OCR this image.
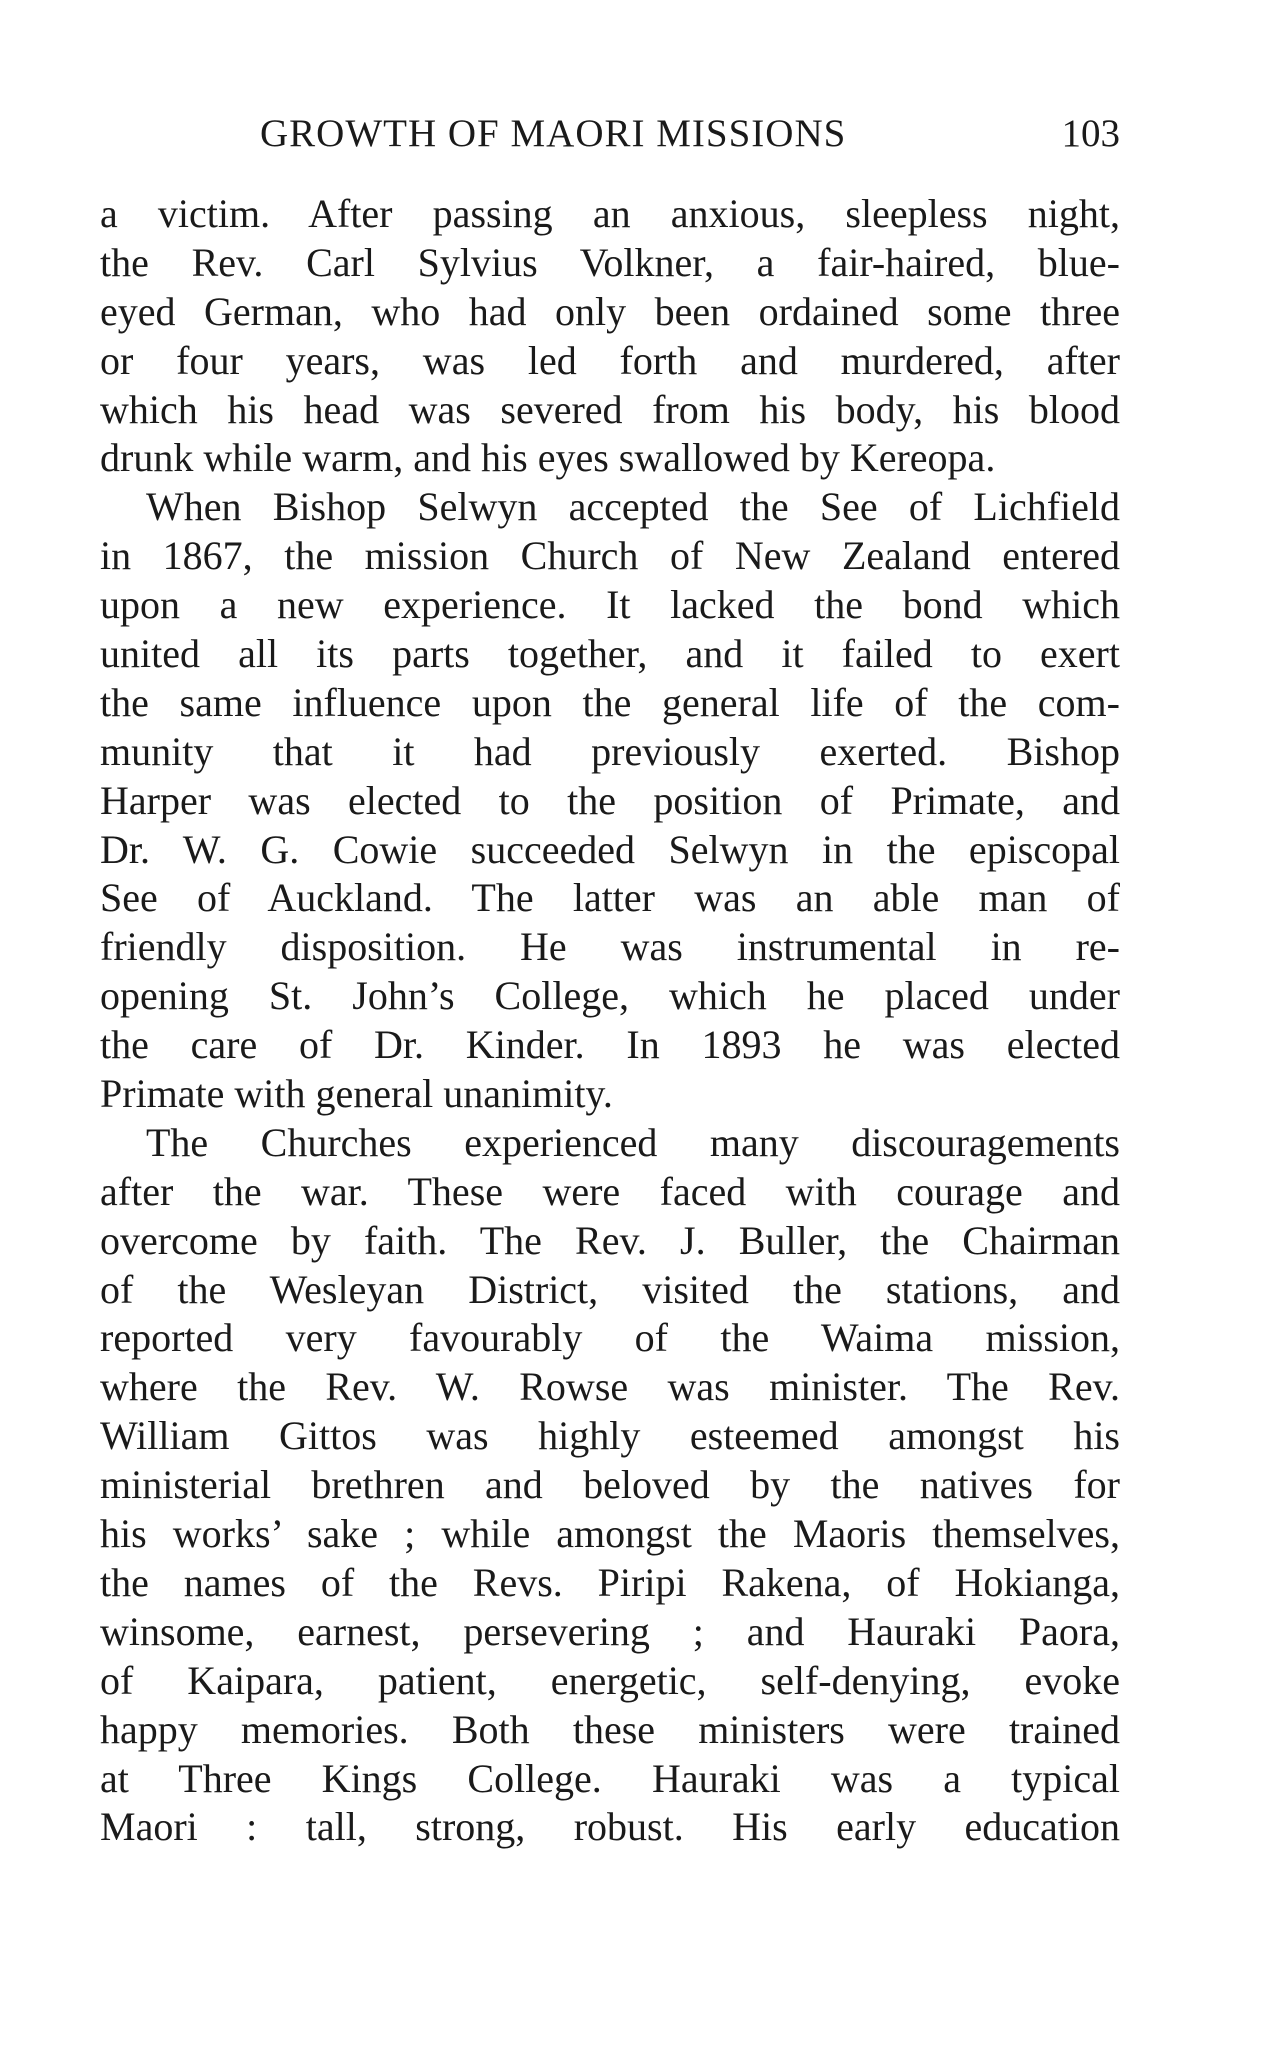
GROWTH OF MAORI MISSIONS	103
a victim. After passing an anxious, sleepless night,
the Rev. Carl Sylvius Volkner, a fair-haired, blue-
eyed German, who had only been ordained some three
or four years, was led forth and murdered, after
which his head was severed from his body, his blood
drunk while warm, and his eyes swallowed by Kereopa.
When Bishop Selwyn accepted the See of Lichfield
in 1867, the mission Church of New Zealand entered
upon a new experience. It lacked the bond which
united all its parts together, and it failed to exert
the same influence upon the general life of the com-
munity that it had previously exerted. Bishop
Harper was elected to the position of Primate, and
Dr. W. G. Cowie succeeded Selwyn in the episcopal
See of Auckland. The latter was an able man of
friendly disposition. He was instrumental in re-
opening St. John’s College, which he placed under
the care of Dr. Kinder. In 1893 he was elected
Primate with general unanimity.
The Churches experienced many discouragements
after the war. These were faced with courage and
overcome by faith. The Rev. J. Buller, the Chairman
of the Wesleyan District, visited the stations, and
reported very favourably of the Waima mission,
where the Rev. W. Rowse was minister. The Rev.
William Gittos was highly esteemed amongst his
ministerial brethren and beloved by the natives for
his works’ sake ; while amongst the Maoris themselves,
the names of the Revs. Piripi Rakena, of Hokianga,
winsome, earnest, persevering ; and Hauraki Paora,
of Kaipara, patient, energetic, self-denying, evoke
happy memories. Both these ministers were trained
at Three Kings College. Hauraki was a typical
Maori : tall, strong, robust. His early education
